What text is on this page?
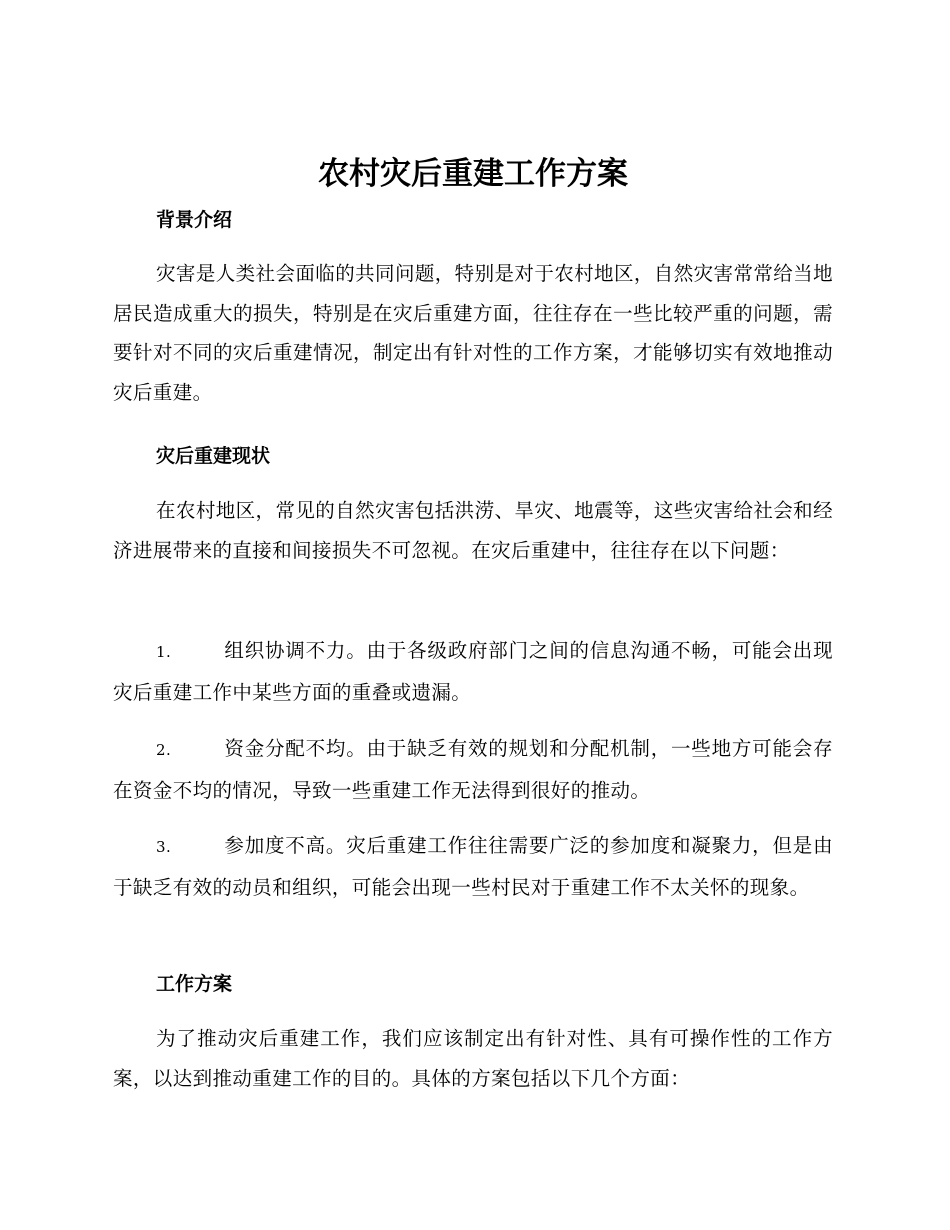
农村灾后重建工作方案
背景介绍
灾害是人类社会面临的共同问题，特别是对于农村地区，自然灾害常常给当地居民造成重大的损失，特别是在灾后重建方面，往往存在一些比较严重的问题，需要针对不同的灾后重建情况，制定出有针对性的工作方案，才能够切实有效地推动灾后重建。
灾后重建现状
在农村地区，常见的自然灾害包括洪涝、旱灾、地震等，这些灾害给社会和经济进展带来的直接和间接损失不可忽视。在灾后重建中，往往存在以下问题：
1.	组织协调不力。由于各级政府部门之间的信息沟通不畅，可能会出现灾后重建工作中某些方面的重叠或遗漏。
2.	资金分配不均。由于缺乏有效的规划和分配机制，一些地方可能会存在资金不均的情况，导致一些重建工作无法得到很好的推动。
3.	参加度不高。灾后重建工作往往需要广泛的参加度和凝聚力，但是由于缺乏有效的动员和组织，可能会出现一些村民对于重建工作不太关怀的现象。
工作方案
为了推动灾后重建工作，我们应该制定出有针对性、具有可操作性的工作方案，以达到推动重建工作的目的。具体的方案包括以下几个方面：
